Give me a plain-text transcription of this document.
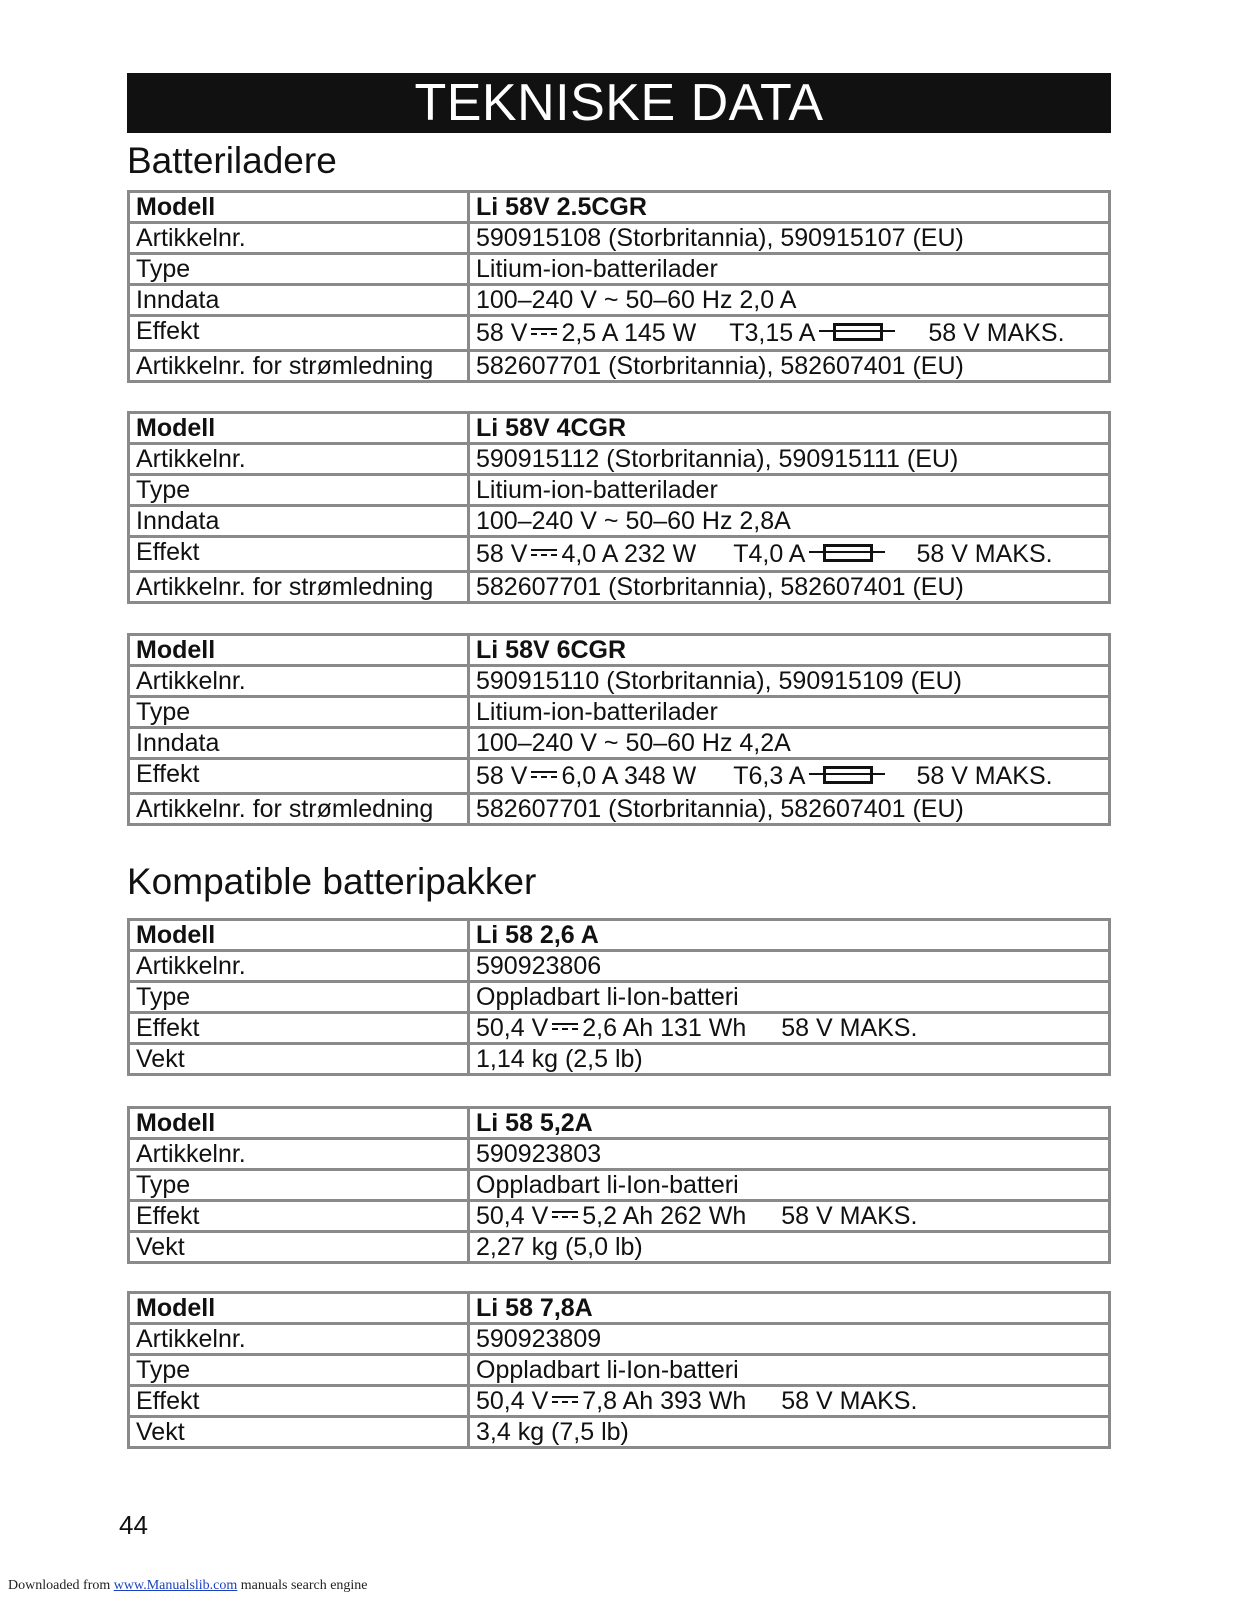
TEKNISKE DATA
Batteriladere
Modell	Li 58V 2.5CGR
Artikkelnr.	590915108 (Storbritannia), 590915107 (EU)
Type	Litium-ion-batterilader
Inndata	100–240 V ~ 50–60 Hz 2,0 A
Effekt	58 V 2,5 A 145 W T3,15 A 58 V MAKS.
Artikkelnr. for strømledning	582607701 (Storbritannia), 582607401 (EU)
Modell	Li 58V 4CGR
Artikkelnr.	590915112 (Storbritannia), 590915111 (EU)
Type	Litium-ion-batterilader
Inndata	100–240 V ~ 50–60 Hz 2,8A
Effekt	58 V 4,0 A 232 W T4,0 A 58 V MAKS.
Artikkelnr. for strømledning	582607701 (Storbritannia), 582607401 (EU)
Modell	Li 58V 6CGR
Artikkelnr.	590915110 (Storbritannia), 590915109 (EU)
Type	Litium-ion-batterilader
Inndata	100–240 V ~ 50–60 Hz 4,2A
Effekt	58 V 6,0 A 348 W T6,3 A 58 V MAKS.
Artikkelnr. for strømledning	582607701 (Storbritannia), 582607401 (EU)
Kompatible batteripakker
Modell	Li 58 2,6 A
Artikkelnr.	590923806
Type	Oppladbart li-Ion-batteri
Effekt	50,4 V 2,6 Ah 131 Wh 58 V MAKS.
Vekt	1,14 kg (2,5 lb)
Modell	Li 58 5,2A
Artikkelnr.	590923803
Type	Oppladbart li-Ion-batteri
Effekt	50,4 V 5,2 Ah 262 Wh 58 V MAKS.
Vekt	2,27 kg (5,0 lb)
Modell	Li 58 7,8A
Artikkelnr.	590923809
Type	Oppladbart li-Ion-batteri
Effekt	50,4 V 7,8 Ah 393 Wh 58 V MAKS.
Vekt	3,4 kg (7,5 lb)
44
Downloaded from www.Manualslib.com manuals search engine
